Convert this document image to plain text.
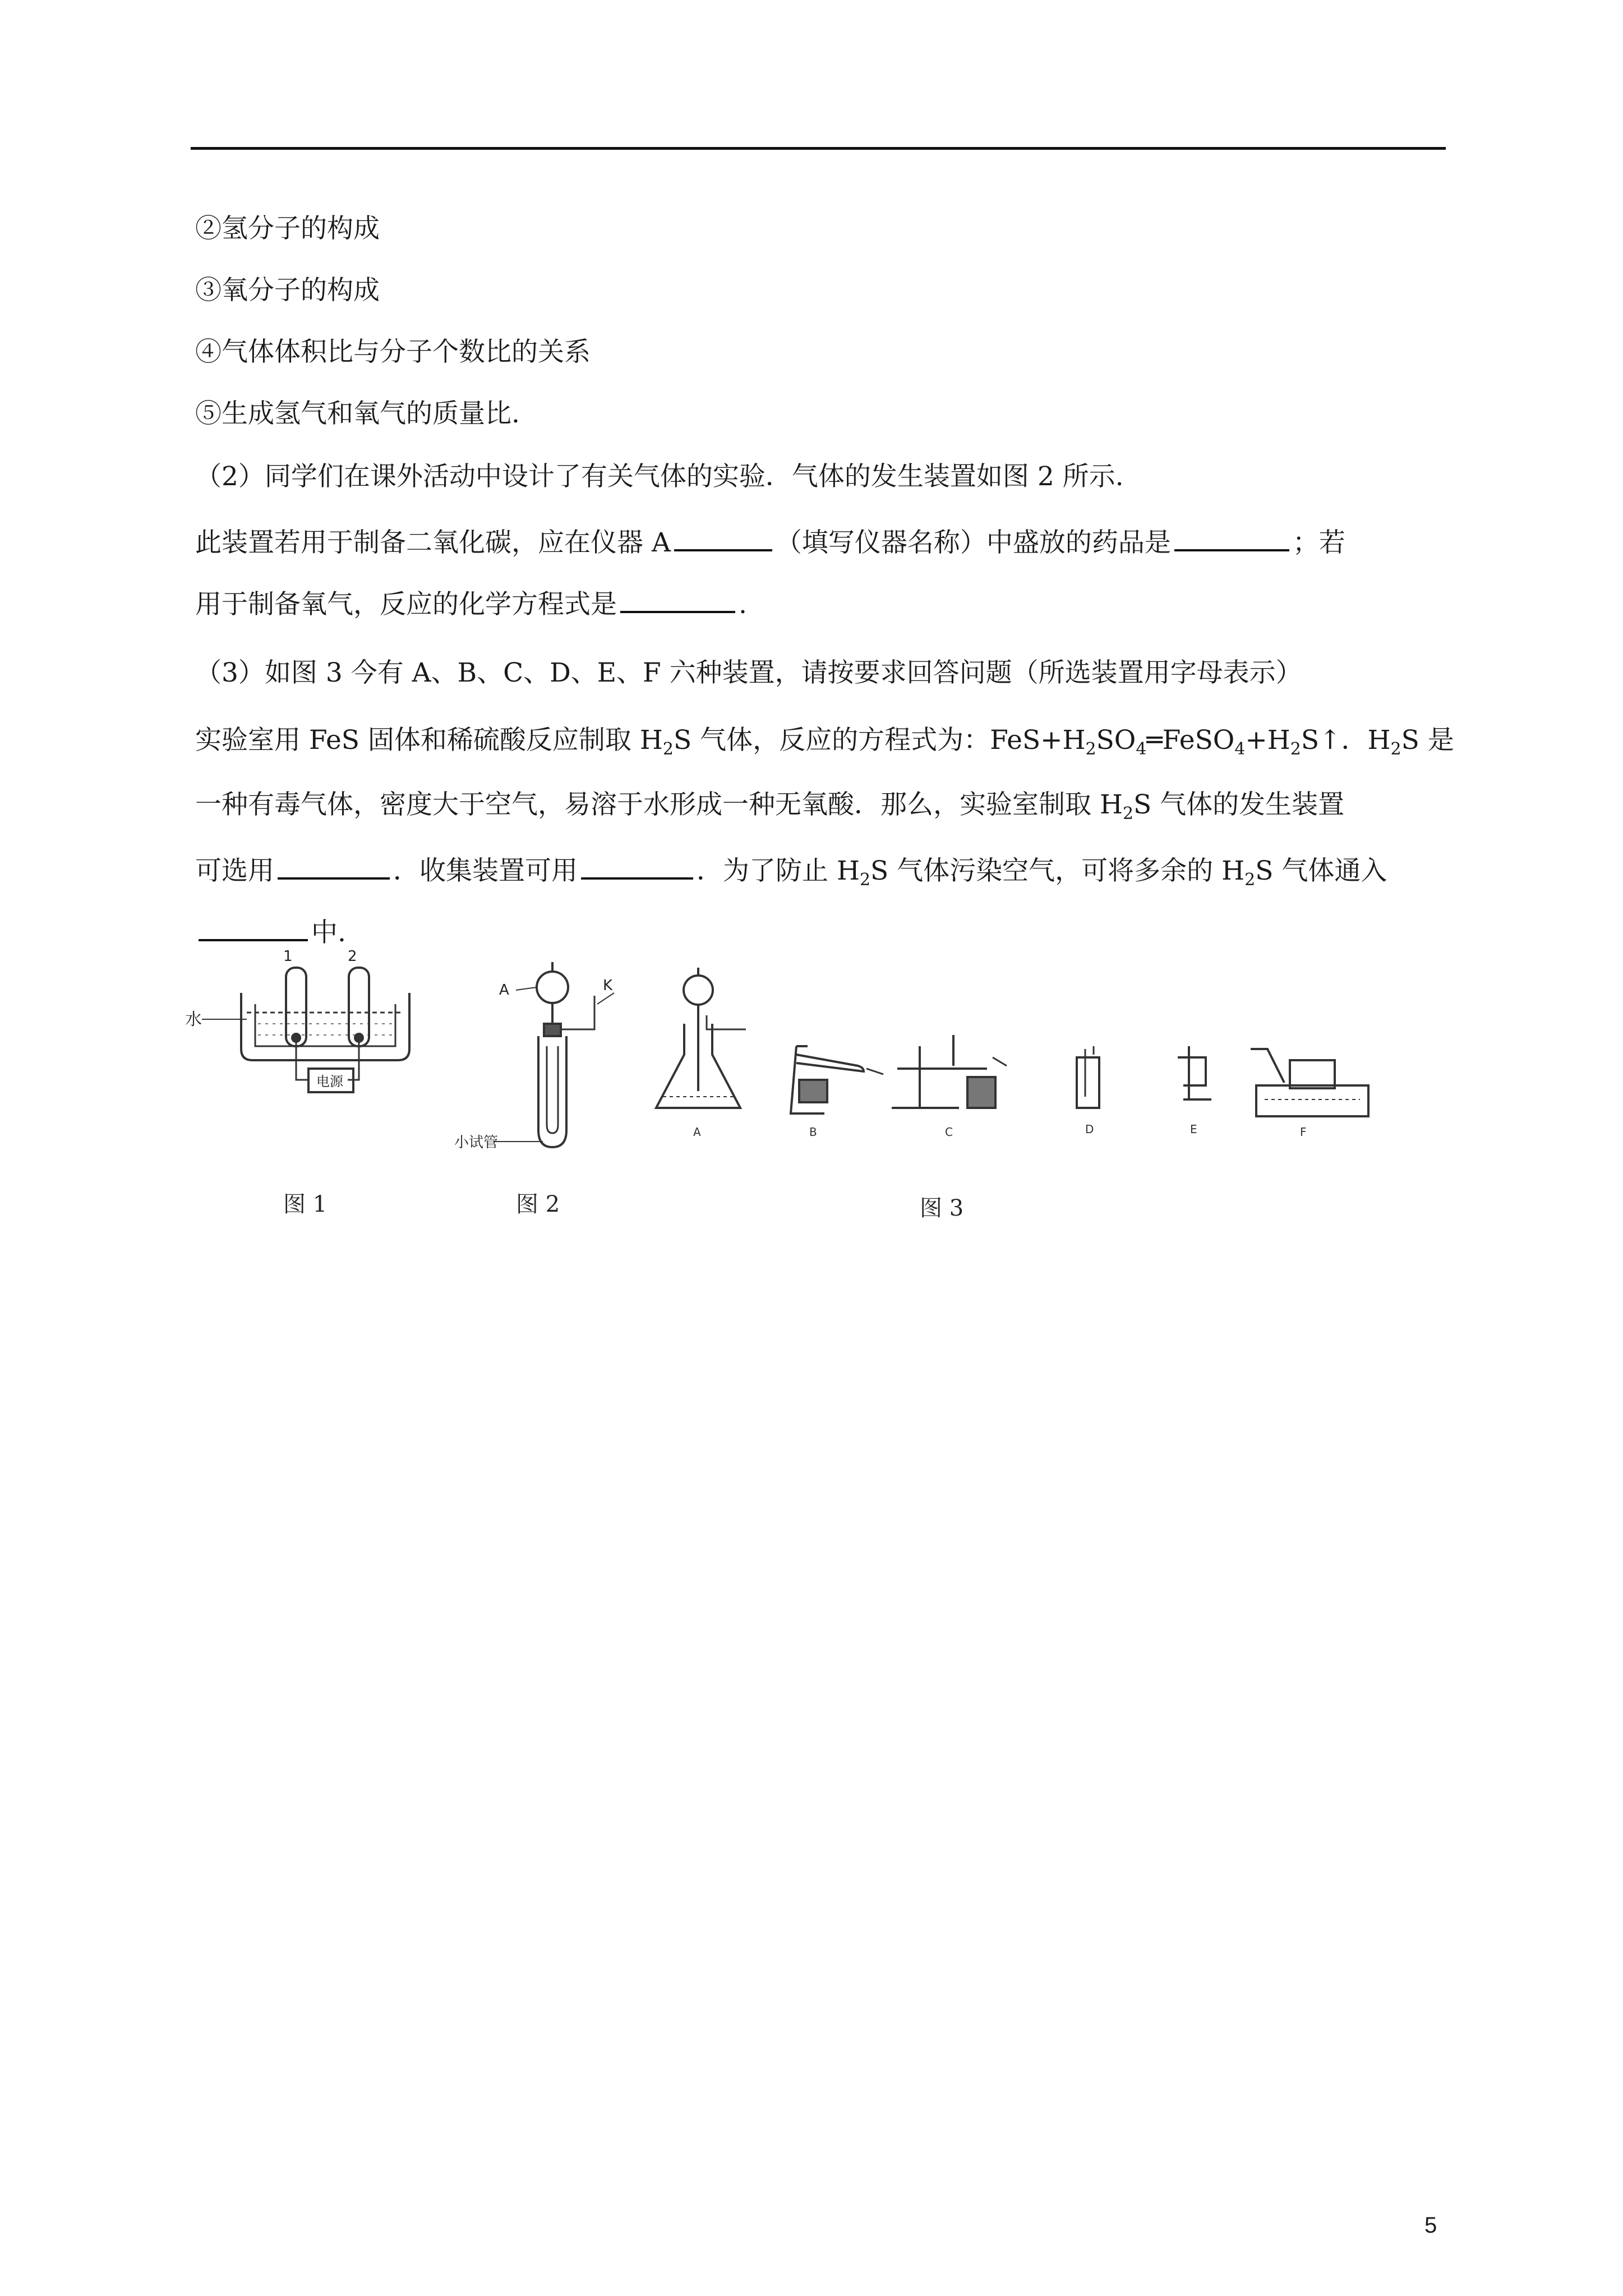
②氢分子的构成
③氧分子的构成
④气体体积比与分子个数比的关系
⑤生成氢气和氧气的质量比.
（2）同学们在课外活动中设计了有关气体的实验．气体的发生装置如图 2 所示.
此装置若用于制备二氧化碳，应在仪器 A	（填写仪器名称）中盛放的药品是	；若
用于制备氧气，反应的化学方程式是	.
（3）如图 3 今有 A、B、C、D、E、F 六种装置，请按要求回答问题（所选装置用字母表示）
实验室用 FeS 固体和稀硫酸反应制取 $H_2S$ 气体，反应的方程式为：$FeS+H_2SO_4═FeSO_4+H_2S↑$．$H_2S$ 是
一种有毒气体，密度大于空气，易溶于水形成一种无氧酸．那么，实验室制取 $H_2S$ 气体的发生装置
可选用	．收集装置可用	．为了防止 $H_2S$ 气体污染空气，可将多余的 $H_2S$ 气体通入
中.
1	2
水
电源
图 1
A	K
小试管
图 2
A	B	C	D	E	F
图 3
5
